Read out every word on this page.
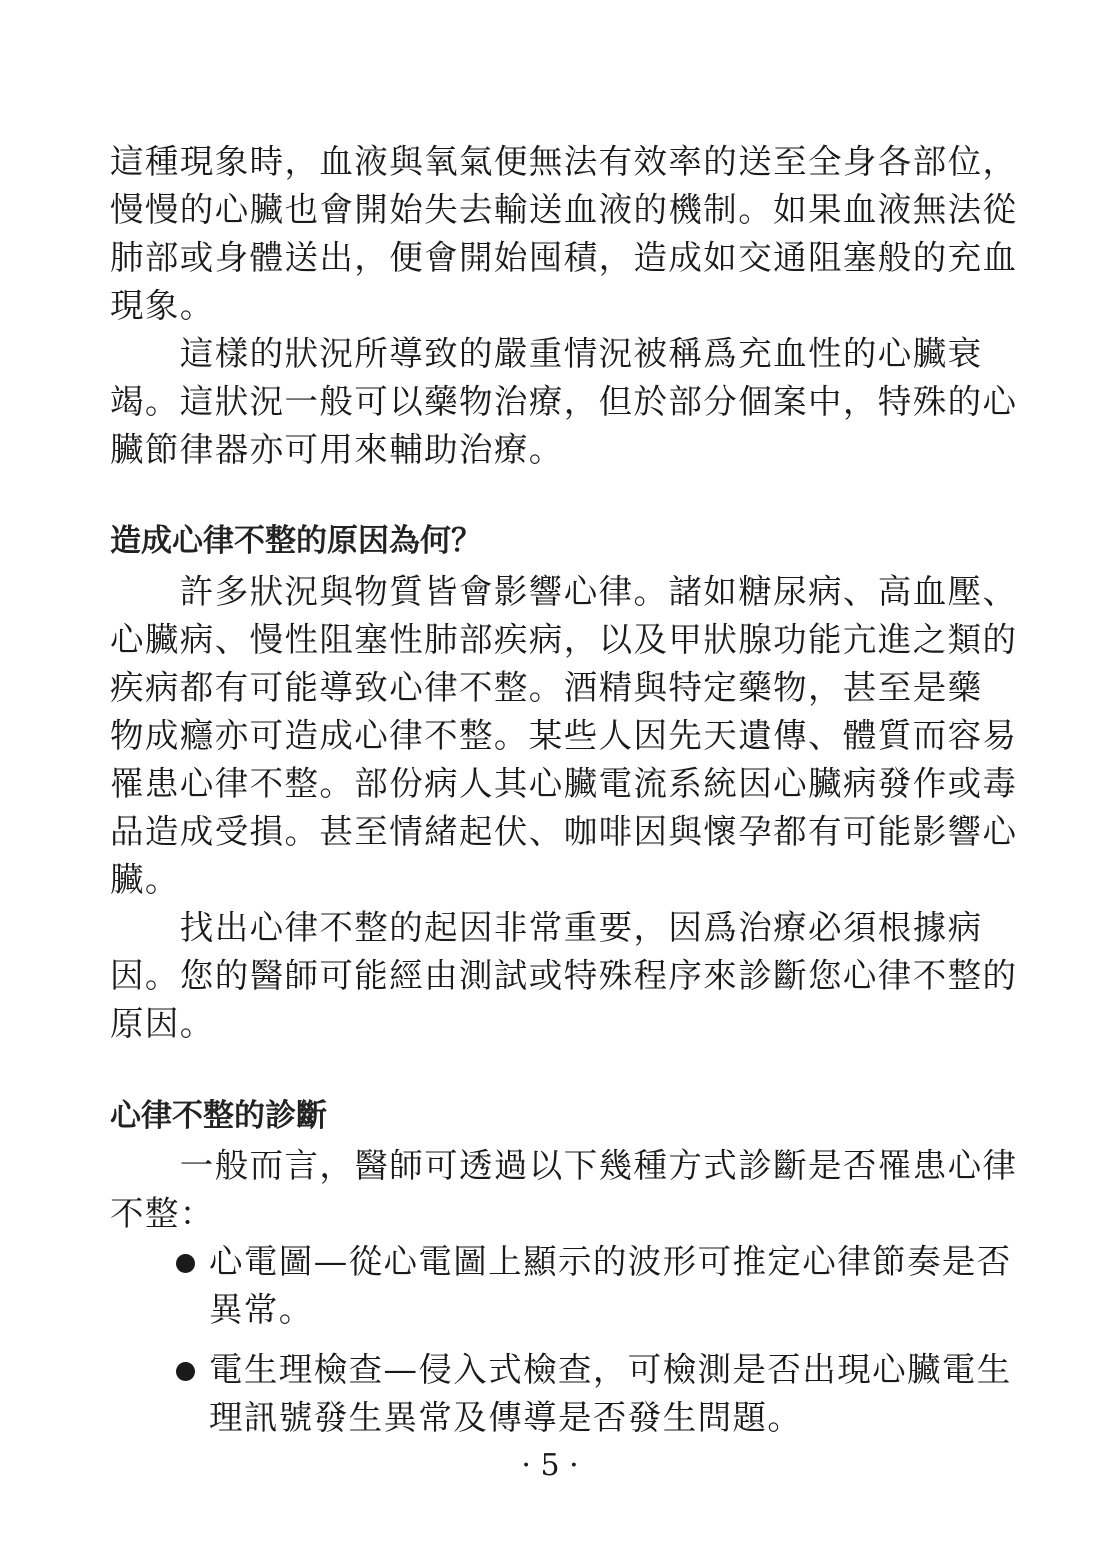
這種現象時，血液與氧氣便無法有效率的送至全身各部位，
慢慢的心臟也會開始失去輸送血液的機制。如果血液無法從
肺部或身體送出，便會開始囤積，造成如交通阻塞般的充血
現象。
　　這樣的狀況所導致的嚴重情況被稱爲充血性的心臟衰
竭。這狀況一般可以藥物治療，但於部分個案中，特殊的心
臟節律器亦可用來輔助治療。
造成心律不整的原因為何？
　　許多狀況與物質皆會影響心律。諸如糖尿病、高血壓、
心臟病、慢性阻塞性肺部疾病，以及甲狀腺功能亢進之類的
疾病都有可能導致心律不整。酒精與特定藥物，甚至是藥
物成癮亦可造成心律不整。某些人因先天遺傳、體質而容易
罹患心律不整。部份病人其心臟電流系統因心臟病發作或毒
品造成受損。甚至情緒起伏、咖啡因與懷孕都有可能影響心
臟。
　　找出心律不整的起因非常重要，因爲治療必須根據病
因。您的醫師可能經由測試或特殊程序來診斷您心律不整的
原因。
心律不整的診斷
　　一般而言，醫師可透過以下幾種方式診斷是否罹患心律
不整：
心電圖—從心電圖上顯示的波形可推定心律節奏是否
異常。
電生理檢查—侵入式檢查，可檢測是否出現心臟電生
理訊號發生異常及傳導是否發生問題。
· 5 ·
